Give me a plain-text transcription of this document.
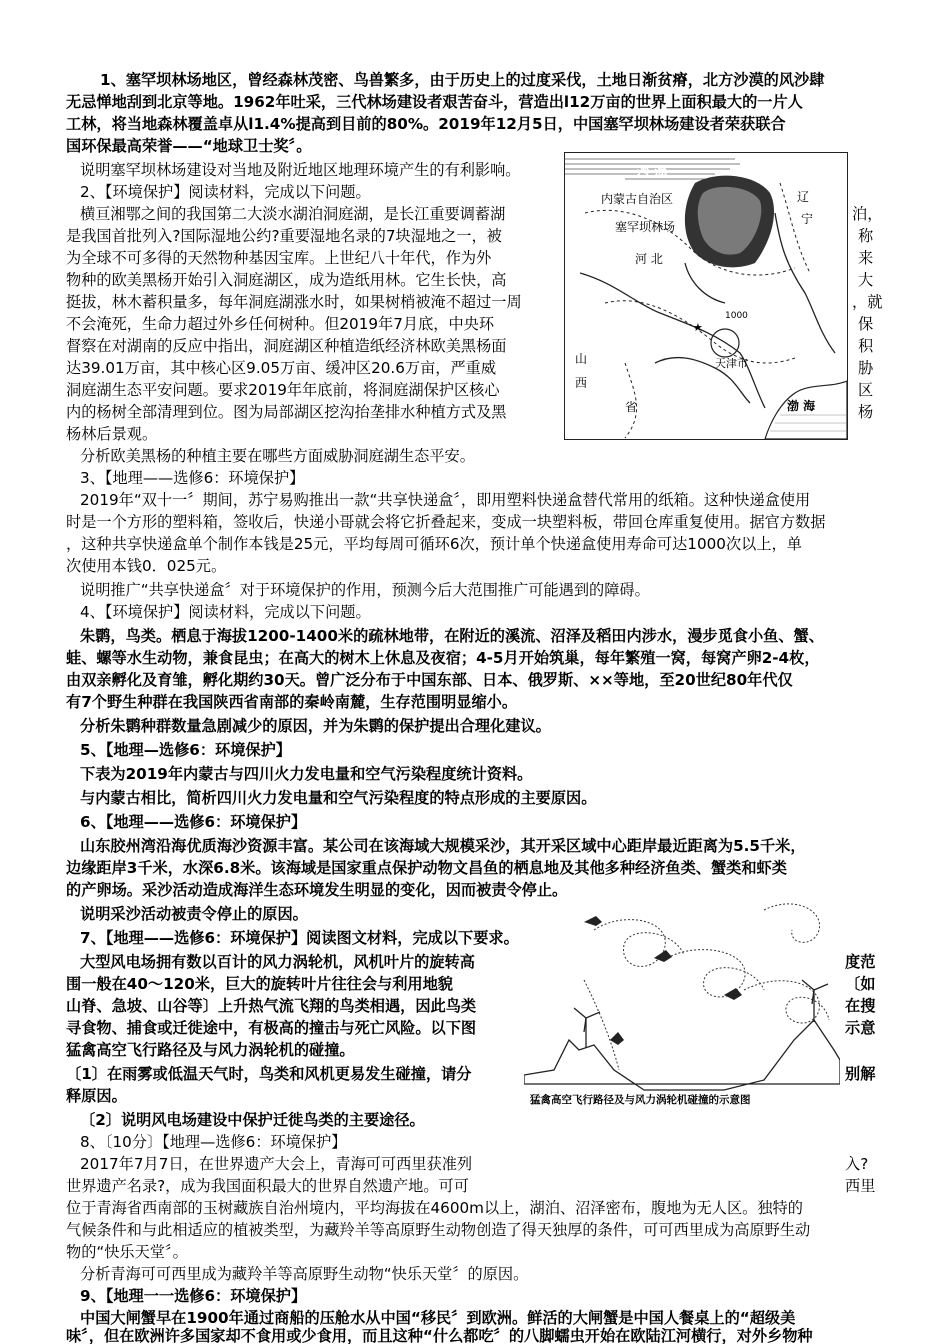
1、塞罕坝林场地区，曾经森林茂密、鸟兽繁多，由于历史上的过度采伐，土地日渐贫瘠，北方沙漠的风沙肆
无忌惮地刮到北京等地。1962年吐采，三代林场建设者艰苦奋斗，营造出l12万亩的世界上面积最大的一片人
工林，将当地森林覆盖卓从l1.4%提高到目前的80%。2019年12月5日，中国塞罕坝林场建设者荣获联合
国环保最高荣誉——“地球卫士奖〞。
说明塞罕坝林场建设对当地及附近地区地理环境产生的有利影响。
2、【环境保护】阅读材料，完成以下问题。
横亘湘鄂之间的我国第二大淡水湖泊洞庭湖，是长江重要调蓄湖
是我国首批列入?国际湿地公约?重要湿地名录的7块湿地之一，被
为全球不可多得的天然物种基因宝库。上世纪八十年代，作为外
物种的欧美黑杨开始引入洞庭湖区，成为造纸用林。它生长快，高
挺拔，林木蓄积量多，每年洞庭湖涨水时，如果树梢被淹不超过一周
不会淹死，生命力超过外乡任何树种。但2019年7月底，中央环
督察在对湖南的反应中指出，洞庭湖区种植造纸经济林欧美黑杨面
达39.01万亩，其中核心区9.05万亩、缓冲区20.6万亩，严重威
洞庭湖生态平安问题。要求2019年年底前，将洞庭湖保护区核心
内的杨树全部清理到位。图为局部湖区挖沟抬垄排水种植方式及黑
杨林后景观。
泊，
称
来
大
，就
保
积
胁
区
杨
★
1000
沙 漠
内蒙古自治区
塞罕坝林场
河 北
辽
宁
山
西
省
天津市
渤 海
分析欧美黑杨的种植主要在哪些方面威胁洞庭湖生态平安。
3、【地理——选修6：环境保护】
2019年“双十一〞期间，苏宁易购推出一款“共享快递盒〞，即用塑料快递盒替代常用的纸箱。这种快递盒使用
时是一个方形的塑料箱，签收后，快递小哥就会将它折叠起来，变成一块塑料板，带回仓库重复使用。据官方数据
，这种共享快递盒单个制作本钱是25元，平均每周可循环6次，预计单个快递盒使用寿命可达1000次以上，单
次使用本钱0．025元。
说明推广“共享快递盒〞对于环境保护的作用，预测今后大范围推广可能遇到的障碍。
4、【环境保护】阅读材料，完成以下问题。
朱鹮，鸟类。栖息于海拔1200-1400米的疏林地带，在附近的溪流、沼泽及稻田内涉水，漫步觅食小鱼、蟹、
蛙、螺等水生动物，兼食昆虫；在高大的树木上休息及夜宿；4-5月开始筑巢，每年繁殖一窝，每窝产卵2-4枚，
由双亲孵化及育雏，孵化期约30天。曾广泛分布于中国东部、日本、俄罗斯、××等地，至20世纪80年代仅
有7个野生种群在我国陕西省南部的秦岭南麓，生存范围明显缩小。
分析朱鹮种群数量急剧减少的原因，并为朱鹮的保护提出合理化建议。
5、【地理—选修6：环境保护】
下表为2019年内蒙古与四川火力发电量和空气污染程度统计资料。
与内蒙古相比，简析四川火力发电量和空气污染程度的特点形成的主要原因。
6、【地理——选修6：环境保护】
山东胶州湾沿海优质海沙资源丰富。某公司在该海域大规模采沙，其开采区域中心距岸最近距离为5.5千米，
边缘距岸3千米，水深6.8米。该海域是国家重点保护动物文昌鱼的栖息地及其他多种经济鱼类、蟹类和虾类
的产卵场。采沙活动造成海洋生态环境发生明显的变化，因而被责令停止。
说明采沙活动被责令停止的原因。
7、【地理——选修6：环境保护】阅读图文材料，完成以下要求。
大型风电场拥有数以百计的风力涡轮机，风机叶片的旋转高
围一般在40～120米，巨大的旋转叶片往往会与利用地貌
山脊、急坡、山谷等〕上升热气流飞翔的鸟类相遇，因此鸟类
寻食物、捕食或迁徙途中，有极高的撞击与死亡风险。以下图
猛禽高空飞行路径及与风力涡轮机的碰撞。
〔1〕在雨雾或低温天气时，鸟类和风机更易发生碰撞，请分
释原因。
〔2〕说明风电场建设中保护迁徙鸟类的主要途径。
度范
〔如
在搜
示意
别解
猛禽高空飞行路径及与风力涡轮机碰撞的示意图
8、〔10分〕【地理—选修6：环境保护】
2017年7月7日，在世界遗产大会上，青海可可西里获准列
世界遗产名录?，成为我国面积最大的世界自然遗产地。可可
入?
西里
位于青海省西南部的玉树藏族自治州境内，平均海拔在4600m以上，湖泊、沼泽密布，腹地为无人区。独特的
气候条件和与此相适应的植被类型，为藏羚羊等高原野生动物创造了得天独厚的条件，可可西里成为高原野生动
物的“快乐天堂〞。
分析青海可可西里成为藏羚羊等高原野生动物“快乐天堂〞的原因。
9、【地理一一选修6：环境保护】
中国大闸蟹早在1900年通过商船的压舱水从中国“移民〞到欧洲。鲜活的大闸蟹是中国人餐桌上的“超级美
味〞，但在欧洲许多国家却不食用或少食用，而且这种“什么都吃〞的八脚蠕虫开始在欧陆江河横行，对外乡物种
